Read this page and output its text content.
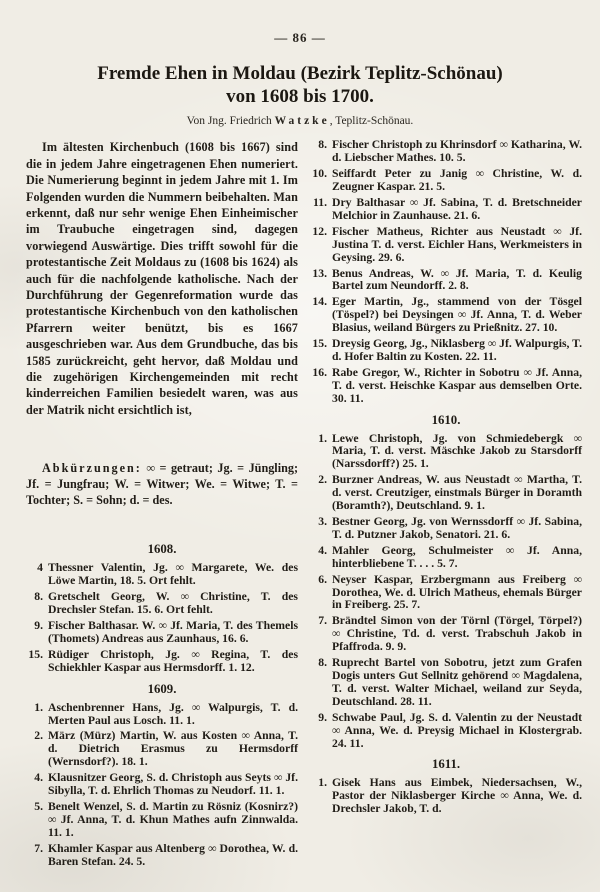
— 86 —
Fremde Ehen in Moldau (Bezirk Teplitz-Schönau)
von 1608 bis 1700.
Von Jng. Friedrich Watzke, Teplitz-Schönau.

Im ältesten Kirchenbuch (1608 bis 1667) sind die in jedem Jahre eingetragenen Ehen numeriert. Die Numerierung beginnt in jedem Jahre mit 1. Im Folgenden wurden die Nummern beibehalten. Man erkennt, daß nur sehr wenige Ehen Einheimischer im Traubuche eingetragen sind, dagegen vorwiegend Auswärtige. Dies trifft sowohl für die protestantische Zeit Moldaus zu (1608 bis 1624) als auch für die nachfolgende katholische. Nach der Durchführung der Gegenreformation wurde das protestantische Kirchenbuch von den katholischen Pfarrern weiter benützt, bis es 1667 ausgeschrieben war. Aus dem Grundbuche, das bis 1585 zurückreicht, geht hervor, daß Moldau und die zugehörigen Kirchengemeinden mit recht kinderreichen Familien besiedelt waren, was aus der Matrik nicht ersichtlich ist,

Abkürzungen: ∞ = getraut; Jg. = Jüngling; Jf. = Jungfrau; W. = Witwer; We. = Witwe; T. = Tochter; S. = Sohn; d. = des.

1608.
4 Thessner Valentin, Jg. ∞ Margarete, We. des Löwe Martin, 18. 5. Ort fehlt.
8. Gretschelt Georg, W. ∞ Christine, T. des Drechsler Stefan. 15. 6. Ort fehlt.
9. Fischer Balthasar. W. ∞ Jf. Maria, T. des Themels (Thomets) Andreas aus Zaunhaus, 16. 6.
15. Rüdiger Christoph, Jg. ∞ Regina, T. des Schiekhler Kaspar aus Hermsdorff. 1. 12.
1609.
1. Aschenbrenner Hans, Jg. ∞ Walpurgis, T. d. Merten Paul aus Losch. 11. 1.
2. März (Mürz) Martin, W. aus Kosten ∞ Anna, T. d. Dietrich Erasmus zu Hermsdorff (Wernsdorf?). 18. 1.
4. Klausnitzer Georg, S. d. Christoph aus Seyts ∞ Jf. Sibylla, T. d. Ehrlich Thomas zu Neudorf. 11. 1.
5. Benelt Wenzel, S. d. Martin zu Rösniz (Kosnirz?) ∞ Jf. Anna, T. d. Khun Mathes aufn Zinnwalda. 11. 1.
7. Khamler Kaspar aus Altenberg ∞ Dorothea, W. d. Baren Stefan. 24. 5.
8. Fischer Christoph zu Khrinsdorf ∞ Katharina, W. d. Liebscher Mathes. 10. 5.
10. Seiffardt Peter zu Janig ∞ Christine, W. d. Zeugner Kaspar. 21. 5.
11. Dry Balthasar ∞ Jf. Sabina, T. d. Bretschneider Melchior in Zaunhause. 21. 6.
12. Fischer Matheus, Richter aus Neustadt ∞ Jf. Justina T. d. verst. Eichler Hans, Werkmeisters in Geysing. 29. 6.
13. Benus Andreas, W. ∞ Jf. Maria, T. d. Keulig Bartel zum Neundorff. 2. 8.
14. Eger Martin, Jg., stammend von der Tösgel (Töspel?) bei Deysingen ∞ Jf. Anna, T. d. Weber Blasius, weiland Bürgers zu Prießnitz. 27. 10.
15. Dreysig Georg, Jg., Niklasberg ∞ Jf. Walpurgis, T. d. Hofer Baltin zu Kosten. 22. 11.
16. Rabe Gregor, W., Richter in Sobotru ∞ Jf. Anna, T. d. verst. Heischke Kaspar aus demselben Orte. 30. 11.
1610.
1. Lewe Christoph, Jg. von Schmiedebergk ∞ Maria, T. d. verst. Mäschke Jakob zu Starsdorff (Narssdorff?) 25. 1.
2. Burzner Andreas, W. aus Neustadt ∞ Martha, T. d. verst. Creutziger, einstmals Bürger in Doramth (Boramth?), Deutschland. 9. 1.
3. Bestner Georg, Jg. von Wernssdorff ∞ Jf. Sabina, T. d. Putzner Jakob, Senatori. 21. 6.
4. Mahler Georg, Schulmeister ∞ Jf. Anna, hinterbliebene T. . . . 5. 7.
6. Neyser Kaspar, Erzbergmann aus Freiberg ∞ Dorothea, We. d. Ulrich Matheus, ehemals Bürger in Freiberg. 25. 7.
7. Brändtel Simon von der Törnl (Törgel, Törpel?) ∞ Christine, Td. d. verst. Trabschuh Jakob in Pfaffroda. 9. 9.
8. Ruprecht Bartel von Sobotru, jetzt zum Grafen Dogis unters Gut Sellnitz gehörend ∞ Magdalena, T. d. verst. Walter Michael, weiland zur Seyda, Deutschland. 28. 11.
9. Schwabe Paul, Jg. S. d. Valentin zu der Neustadt ∞ Anna, We. d. Preysig Michael in Klostergrab. 24. 11.
1611.
1. Gisek Hans aus Eimbek, Niedersachsen, W., Pastor der Niklasberger Kirche ∞ Anna, We. d. Drechsler Jakob, T. d.
